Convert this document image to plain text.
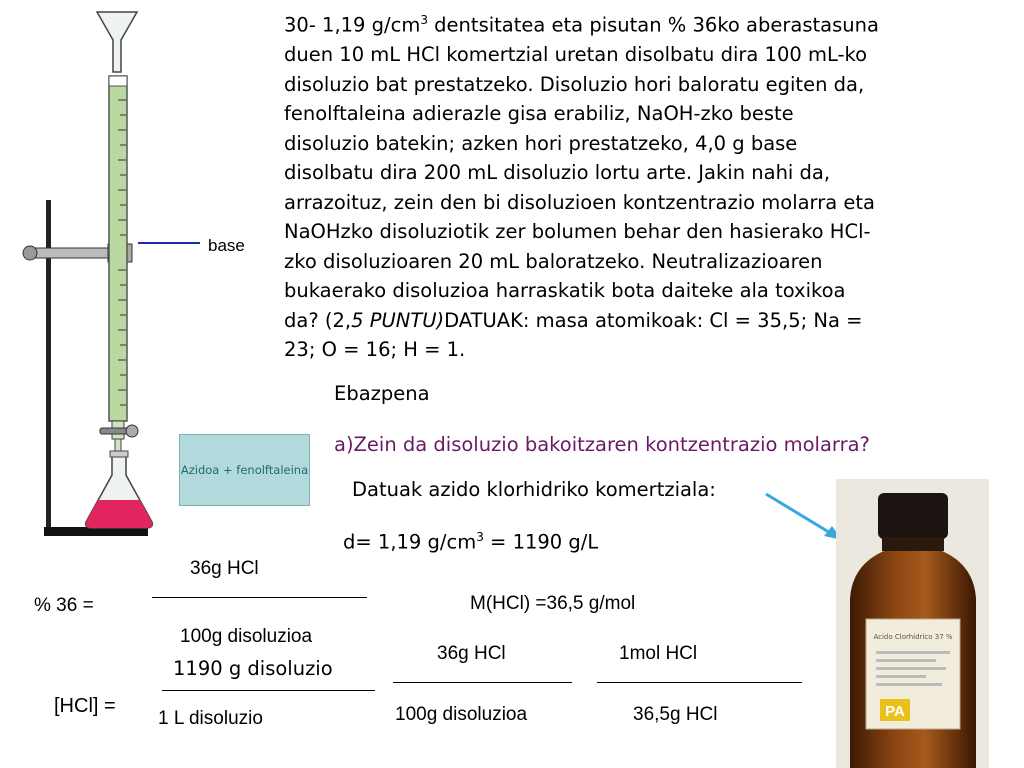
30- 1,19 $g/cm^3$ dentsitatea eta pisutan % 36ko aberastasuna
duen 10 mL HCl komertzial uretan disolbatu dira 100 mL-ko
disoluzio bat prestatzeko. Disoluzio hori baloratu egiten da,
fenolftaleina adierazle gisa erabiliz, NaOH-zko beste
disoluzio batekin; azken hori prestatzeko, 4,0 g base
disolbatu dira 200 mL disoluzio lortu arte. Jakin nahi da,
arrazoituz, zein den bi disoluzioen kontzentrazio molarra eta
NaOHzko disoluziotik zer bolumen behar den hasierako HCl-
zko disoluzioaren 20 mL baloratzeko. Neutralizazioaren
bukaerako disoluzioa harraskatik bota daiteke ala toxikoa
da? (2,5 PUNTU)DATUAK: masa atomikoak: Cl = 35,5; Na =
23; O = 16; H = 1.
Ebazpena
a)Zein da disoluzio bakoitzaren kontzentrazio molarra?
Datuak azido klorhidriko komertziala:
d= 1,19 $g/cm^3 = 1190$ g/L
% 36 =
36g HCl
100g disoluzioa
M(HCl) =36,5 g/mol
[HCl] =
1190 g disoluzio
1 L disoluzio
36g HCl
100g disoluzioa
1mol HCl
36,5g HCl
base
Azidoa + fenolftaleina
Acido Clorhídrico 37 %
PA
